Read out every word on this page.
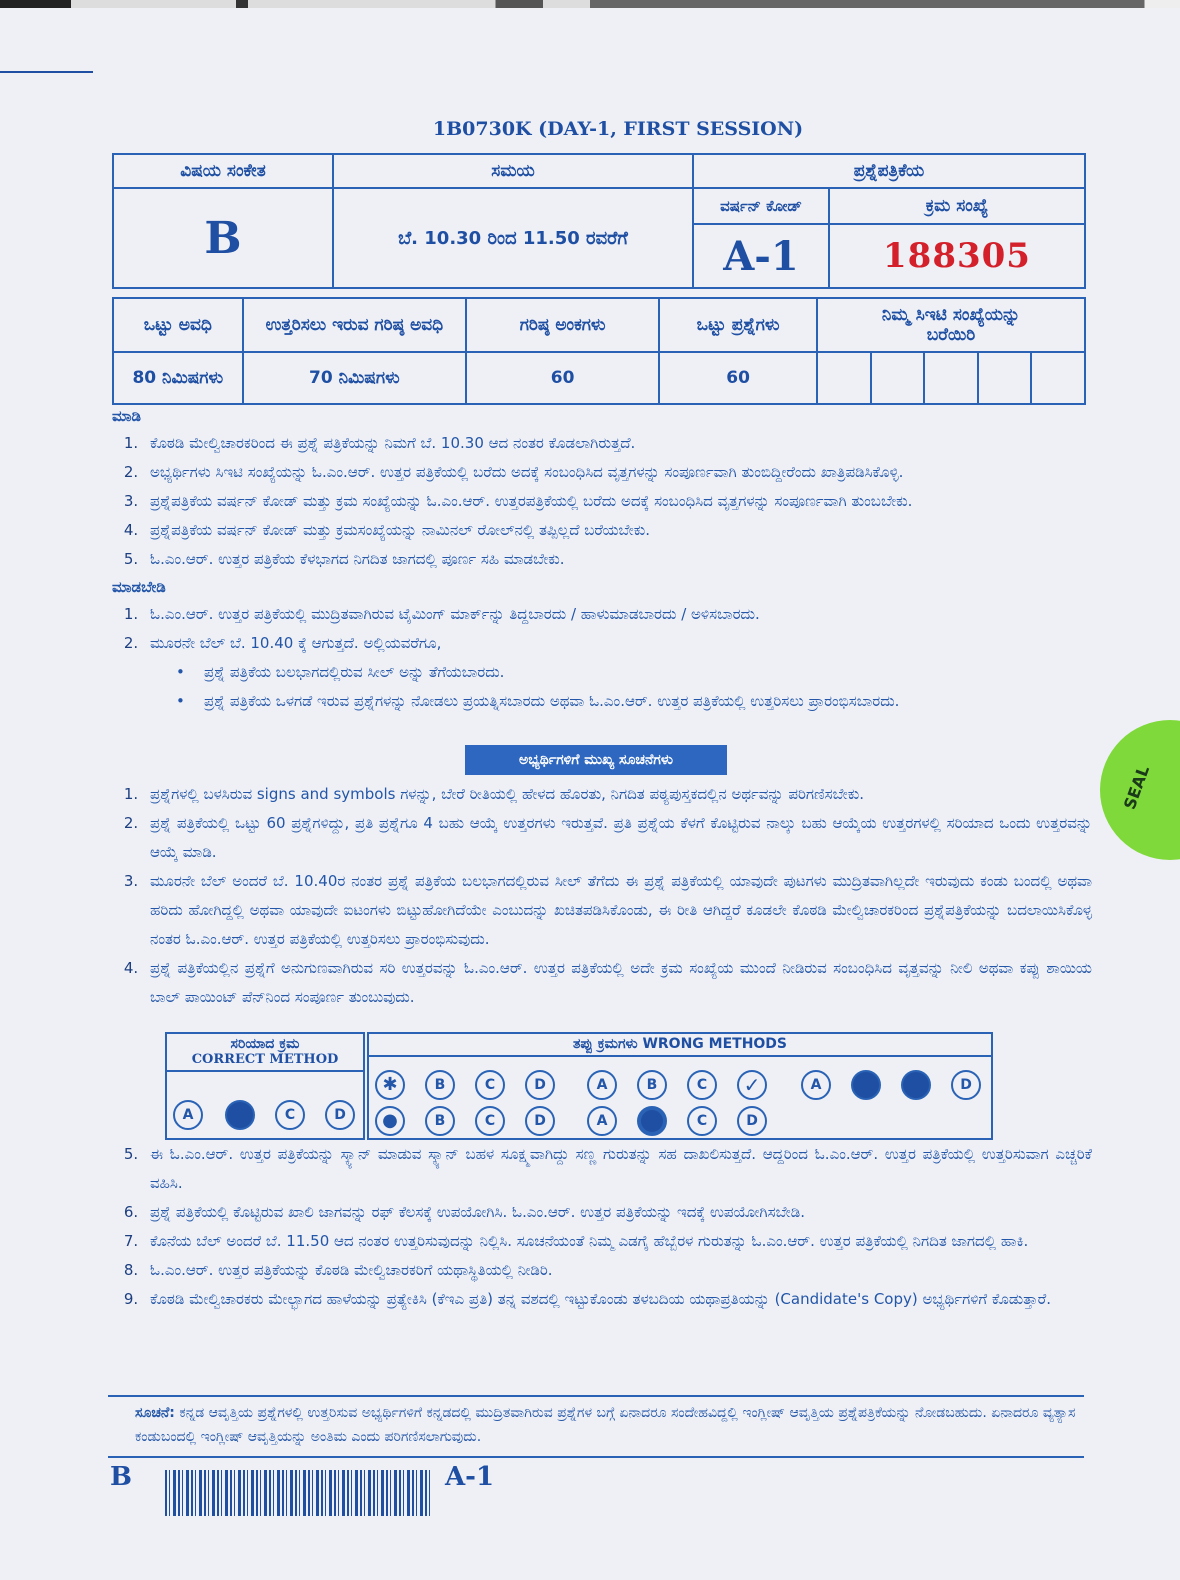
1B0730K (DAY-1, FIRST SESSION)
ವಿಷಯ ಸಂಕೇತ	ಸಮಯ	ಪ್ರಶ್ನೆಪತ್ರಿಕೆಯ	
B	ಬೆ. 10.30 ರಿಂದ 11.50 ರವರೆಗೆ	ವರ್ಷನ್ ಕೋಡ್	ಕ್ರಮ ಸಂಖ್ಯೆ
		A-1	188305
ಒಟ್ಟು ಅವಧಿ	ಉತ್ತರಿಸಲು ಇರುವ ಗರಿಷ್ಠ ಅವಧಿ	ಗರಿಷ್ಠ ಅಂಕಗಳು	ಒಟ್ಟು ಪ್ರಶ್ನೆಗಳು	ನಿಮ್ಮ ಸಿಇಟಿ ಸಂಖ್ಯೆಯನ್ನು ಬರೆಯಿರಿ				
80 ನಿಮಿಷಗಳು	70 ನಿಮಿಷಗಳು	60	60					

ಮಾಡಿ

1. ಕೊಠಡಿ ಮೇಲ್ವಿಚಾರಕರಿಂದ ಈ ಪ್ರಶ್ನೆ ಪತ್ರಿಕೆಯನ್ನು ನಿಮಗೆ ಬೆ. 10.30 ಆದ ನಂತರ ಕೊಡಲಾಗಿರುತ್ತದೆ.
2. ಅಭ್ಯರ್ಥಿಗಳು ಸಿಇಟಿ ಸಂಖ್ಯೆಯನ್ನು ಓ.ಎಂ.ಆರ್. ಉತ್ತರ ಪತ್ರಿಕೆಯಲ್ಲಿ ಬರೆದು ಅದಕ್ಕೆ ಸಂಬಂಧಿಸಿದ ವೃತ್ತಗಳನ್ನು ಸಂಪೂರ್ಣವಾಗಿ ತುಂಬಿದ್ದೀರೆಂದು ಖಾತ್ರಿಪಡಿಸಿಕೊಳ್ಳಿ.
3. ಪ್ರಶ್ನೆಪತ್ರಿಕೆಯ ವರ್ಷನ್ ಕೋಡ್ ಮತ್ತು ಕ್ರಮ ಸಂಖ್ಯೆಯನ್ನು ಓ.ಎಂ.ಆರ್. ಉತ್ತರಪತ್ರಿಕೆಯಲ್ಲಿ ಬರೆದು ಅದಕ್ಕೆ ಸಂಬಂಧಿಸಿದ ವೃತ್ತಗಳನ್ನು ಸಂಪೂರ್ಣವಾಗಿ ತುಂಬಬೇಕು.
4. ಪ್ರಶ್ನೆಪತ್ರಿಕೆಯ ವರ್ಷನ್ ಕೋಡ್ ಮತ್ತು ಕ್ರಮಸಂಖ್ಯೆಯನ್ನು ನಾಮಿನಲ್ ರೋಲ್‌ನಲ್ಲಿ ತಪ್ಪಿಲ್ಲದೆ ಬರೆಯಬೇಕು.
5. ಓ.ಎಂ.ಆರ್. ಉತ್ತರ ಪತ್ರಿಕೆಯ ಕೆಳಭಾಗದ ನಿಗದಿತ ಜಾಗದಲ್ಲಿ ಪೂರ್ಣ ಸಹಿ ಮಾಡಬೇಕು.

ಮಾಡಬೇಡಿ

1. ಓ.ಎಂ.ಆರ್. ಉತ್ತರ ಪತ್ರಿಕೆಯಲ್ಲಿ ಮುದ್ರಿತವಾಗಿರುವ ಟೈಮಿಂಗ್ ಮಾರ್ಕ್‌ನ್ನು ತಿದ್ದಬಾರದು / ಹಾಳುಮಾಡಬಾರದು / ಅಳಿಸಬಾರದು.
2. ಮೂರನೇ ಬೆಲ್ ಬೆ. 10.40 ಕ್ಕೆ ಆಗುತ್ತದೆ. ಅಲ್ಲಿಯವರೆಗೂ,
•	ಪ್ರಶ್ನೆ ಪತ್ರಿಕೆಯ ಬಲಭಾಗದಲ್ಲಿರುವ ಸೀಲ್ ಅನ್ನು ತೆಗೆಯಬಾರದು.
•	ಪ್ರಶ್ನೆ ಪತ್ರಿಕೆಯ ಒಳಗಡೆ ಇರುವ ಪ್ರಶ್ನೆಗಳನ್ನು ನೋಡಲು ಪ್ರಯತ್ನಿಸಬಾರದು ಅಥವಾ ಓ.ಎಂ.ಆರ್. ಉತ್ತರ ಪತ್ರಿಕೆಯಲ್ಲಿ ಉತ್ತರಿಸಲು ಪ್ರಾರಂಭಿಸಬಾರದು.
ಅಭ್ಯರ್ಥಿಗಳಿಗೆ ಮುಖ್ಯ ಸೂಚನೆಗಳು
1. ಪ್ರಶ್ನೆಗಳಲ್ಲಿ ಬಳಸಿರುವ signs and symbols ಗಳನ್ನು, ಬೇರೆ ರೀತಿಯಲ್ಲಿ ಹೇಳದ ಹೊರತು, ನಿಗದಿತ ಪಠ್ಯಪುಸ್ತಕದಲ್ಲಿನ ಅರ್ಥವನ್ನು ಪರಿಗಣಿಸಬೇಕು.
2. ಪ್ರಶ್ನೆ ಪತ್ರಿಕೆಯಲ್ಲಿ ಒಟ್ಟು 60 ಪ್ರಶ್ನೆಗಳಿದ್ದು, ಪ್ರತಿ ಪ್ರಶ್ನೆಗೂ 4 ಬಹು ಆಯ್ಕೆ ಉತ್ತರಗಳು ಇರುತ್ತವೆ. ಪ್ರತಿ ಪ್ರಶ್ನೆಯ ಕೆಳಗೆ ಕೊಟ್ಟಿರುವ ನಾಲ್ಕು ಬಹು ಆಯ್ಕೆಯ ಉತ್ತರಗಳಲ್ಲಿ ಸರಿಯಾದ ಒಂದು ಉತ್ತರವನ್ನು ಆಯ್ಕೆ ಮಾಡಿ.
3. ಮೂರನೇ ಬೆಲ್ ಅಂದರೆ ಬೆ. 10.40ರ ನಂತರ ಪ್ರಶ್ನೆ ಪತ್ರಿಕೆಯ ಬಲಭಾಗದಲ್ಲಿರುವ ಸೀಲ್ ತೆಗೆದು ಈ ಪ್ರಶ್ನೆ ಪತ್ರಿಕೆಯಲ್ಲಿ ಯಾವುದೇ ಪುಟಗಳು ಮುದ್ರಿತವಾಗಿಲ್ಲದೇ ಇರುವುದು ಕಂಡು ಬಂದಲ್ಲಿ ಅಥವಾ ಹರಿದು ಹೋಗಿದ್ದಲ್ಲಿ ಅಥವಾ ಯಾವುದೇ ಐಟಂಗಳು ಬಿಟ್ಟುಹೋಗಿದೆಯೇ ಎಂಬುದನ್ನು ಖಚಿತಪಡಿಸಿಕೊಂಡು, ಈ ರೀತಿ ಆಗಿದ್ದರೆ ಕೂಡಲೇ ಕೊಠಡಿ ಮೇಲ್ವಿಚಾರಕರಿಂದ ಪ್ರಶ್ನೆಪತ್ರಿಕೆಯನ್ನು ಬದಲಾಯಿಸಿಕೊಳ್ಳ ನಂತರ ಓ.ಎಂ.ಆರ್. ಉತ್ತರ ಪತ್ರಿಕೆಯಲ್ಲಿ ಉತ್ತರಿಸಲು ಪ್ರಾರಂಭಿಸುವುದು.
4. ಪ್ರಶ್ನೆ ಪತ್ರಿಕೆಯಲ್ಲಿನ ಪ್ರಶ್ನೆಗೆ ಅನುಗುಣವಾಗಿರುವ ಸರಿ ಉತ್ತರವನ್ನು ಓ.ಎಂ.ಆರ್. ಉತ್ತರ ಪತ್ರಿಕೆಯಲ್ಲಿ ಅದೇ ಕ್ರಮ ಸಂಖ್ಯೆಯ ಮುಂದೆ ನೀಡಿರುವ ಸಂಬಂಧಿಸಿದ ವೃತ್ತವನ್ನು ನೀಲಿ ಅಥವಾ ಕಪ್ಪು ಶಾಯಿಯ ಬಾಲ್ ಪಾಯಿಂಟ್ ಪೆನ್‌ನಿಂದ ಸಂಪೂರ್ಣ ತುಂಬುವುದು.
ಸರಿಯಾದ ಕ್ರಮ
CORRECT METHOD
A	C	D
ತಪ್ಪು ಕ್ರಮಗಳು WRONG METHODS
✱	B	C	D	A	B	C	✓	A	D
●	B	C	D	A	C	D
5. ಈ ಓ.ಎಂ.ಆರ್. ಉತ್ತರ ಪತ್ರಿಕೆಯನ್ನು ಸ್ಕ್ಯಾನ್ ಮಾಡುವ ಸ್ಕ್ಯಾನ್ ಬಹಳ ಸೂಕ್ಷ್ಮವಾಗಿದ್ದು ಸಣ್ಣ ಗುರುತನ್ನು ಸಹ ದಾಖಲಿಸುತ್ತದೆ. ಆದ್ದರಿಂದ ಓ.ಎಂ.ಆರ್. ಉತ್ತರ ಪತ್ರಿಕೆಯಲ್ಲಿ ಉತ್ತರಿಸುವಾಗ ಎಚ್ಚರಿಕೆ ವಹಿಸಿ.
6. ಪ್ರಶ್ನೆ ಪತ್ರಿಕೆಯಲ್ಲಿ ಕೊಟ್ಟಿರುವ ಖಾಲಿ ಜಾಗವನ್ನು ರಫ್ ಕೆಲಸಕ್ಕೆ ಉಪಯೋಗಿಸಿ. ಓ.ಎಂ.ಆರ್. ಉತ್ತರ ಪತ್ರಿಕೆಯನ್ನು ಇದಕ್ಕೆ ಉಪಯೋಗಿಸಬೇಡಿ.
7. ಕೊನೆಯ ಬೆಲ್ ಅಂದರೆ ಬೆ. 11.50 ಆದ ನಂತರ ಉತ್ತರಿಸುವುದನ್ನು ನಿಲ್ಲಿಸಿ. ಸೂಚನೆಯಂತೆ ನಿಮ್ಮ ಎಡಗೈ ಹೆಬ್ಬೆರಳ ಗುರುತನ್ನು ಓ.ಎಂ.ಆರ್. ಉತ್ತರ ಪತ್ರಿಕೆಯಲ್ಲಿ ನಿಗದಿತ ಜಾಗದಲ್ಲಿ ಹಾಕಿ.
8. ಓ.ಎಂ.ಆರ್. ಉತ್ತರ ಪತ್ರಿಕೆಯನ್ನು ಕೊಠಡಿ ಮೇಲ್ವಿಚಾರಕರಿಗೆ ಯಥಾಸ್ಥಿತಿಯಲ್ಲಿ ನೀಡಿರಿ.
9. ಕೊಠಡಿ ಮೇಲ್ವಿಚಾರಕರು ಮೇಲ್ಭಾಗದ ಹಾಳೆಯನ್ನು ಪ್ರತ್ಯೇಕಿಸಿ (ಕೆಇಎ ಪ್ರತಿ) ತನ್ನ ವಶದಲ್ಲಿ ಇಟ್ಟುಕೊಂಡು ತಳಬದಿಯ ಯಥಾಪ್ರತಿಯನ್ನು (Candidate's Copy) ಅಭ್ಯರ್ಥಿಗಳಿಗೆ ಕೊಡುತ್ತಾರೆ.
ಸೂಚನೆ: ಕನ್ನಡ ಆವೃತ್ತಿಯ ಪ್ರಶ್ನೆಗಳಲ್ಲಿ ಉತ್ತರಿಸುವ ಅಭ್ಯರ್ಥಿಗಳಿಗೆ ಕನ್ನಡದಲ್ಲಿ ಮುದ್ರಿತವಾಗಿರುವ ಪ್ರಶ್ನೆಗಳ ಬಗ್ಗೆ ಏನಾದರೂ ಸಂದೇಹವಿದ್ದಲ್ಲಿ ಇಂಗ್ಲೀಷ್ ಆವೃತ್ತಿಯ ಪ್ರಶ್ನೆಪತ್ರಿಕೆಯನ್ನು ನೋಡಬಹುದು. ಏನಾದರೂ ವ್ಯತ್ಯಾಸ ಕಂಡುಬಂದಲ್ಲಿ ಇಂಗ್ಲೀಷ್ ಆವೃತ್ತಿಯನ್ನು ಅಂತಿಮ ಎಂದು ಪರಿಗಣಿಸಲಾಗುವುದು.
B	A-1
SEAL
